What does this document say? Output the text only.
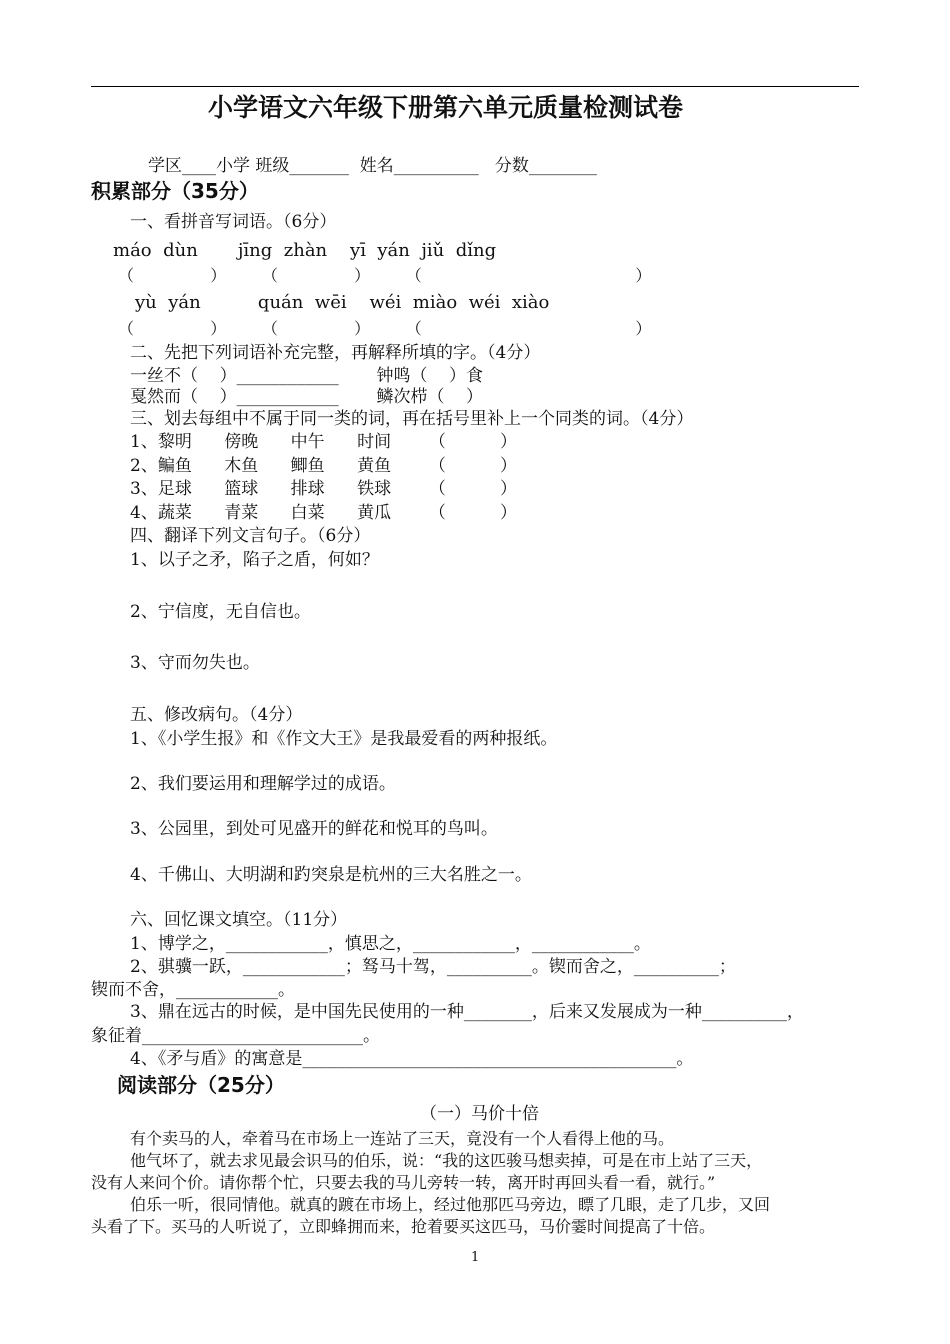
小学语文六年级下册第六单元质量检测试卷
学区____小学 班级_______  姓名__________   分数________
积累部分（35分）
一、看拼音写词语。（6分）
máo  dùn       jīng  zhàn    yī  yán  jiǔ  dǐng
（               ）       （               ）       （                                          ）
yù  yán          quán  wēi    wéi  miào  wéi  xiào
（               ）       （               ）       （                                          ）
二、先把下列词语补充完整，再解释所填的字。（4分）
一丝不（    ）____________       钟鸣（    ）食
戛然而（    ）____________       鳞次栉（    ）
三、划去每组中不属于同一类的词，再在括号里补上一个同类的词。（4分）
1、黎明      傍晚      中午      时间       （          ）
2、鳊鱼      木鱼      鲫鱼      黄鱼       （          ）
3、足球      篮球      排球      铁球       （          ）
4、蔬菜      青菜      白菜      黄瓜       （          ）
四、翻译下列文言句子。（6分）
1、以子之矛，陷子之盾，何如？
2、宁信度，无自信也。
3、守而勿失也。
五、修改病句。（4分）
1、《小学生报》和《作文大王》是我最爱看的两种报纸。
2、我们要运用和理解学过的成语。
3、公园里，到处可见盛开的鲜花和悦耳的鸟叫。
4、千佛山、大明湖和趵突泉是杭州的三大名胜之一。
六、回忆课文填空。（11分）
1、博学之，____________，慎思之，____________，____________。
2、骐骥一跃，____________；驽马十驾，__________。锲而舍之，__________；
锲而不舍，____________。
3、鼎在远古的时候，是中国先民使用的一种________，后来又发展成为一种__________，
象征着__________________________。
4、《矛与盾》的寓意是____________________________________________。
阅读部分（25分）
（一）马价十倍
有个卖马的人，牵着马在市场上一连站了三天，竟没有一个人看得上他的马。
他气坏了，就去求见最会识马的伯乐，说：“我的这匹骏马想卖掉，可是在市上站了三天，
没有人来问个价。请你帮个忙，只要去我的马儿旁转一转，离开时再回头看一看，就行。”
伯乐一听，很同情他。就真的踱在市场上，经过他那匹马旁边，瞟了几眼，走了几步，又回
头看了下。买马的人听说了，立即蜂拥而来，抢着要买这匹马，马价霎时间提高了十倍。
1
